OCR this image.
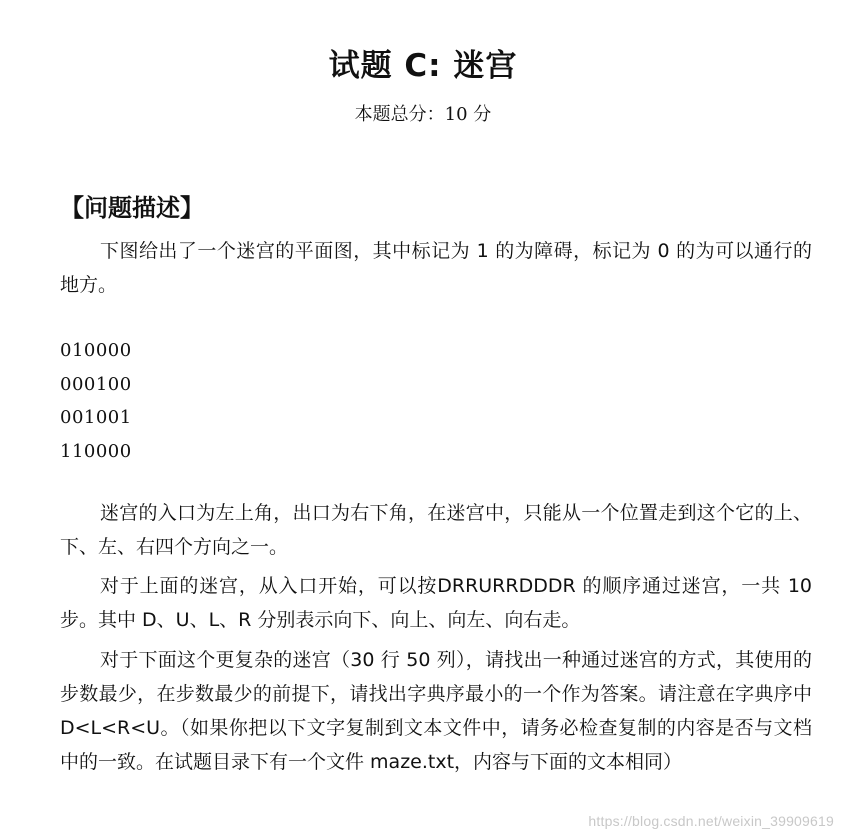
试题 C: 迷宫
本题总分：10 分
【问题描述】
下图给出了一个迷宫的平面图，其中标记为 1 的为障碍，标记为 0 的为可以通行的地方。
010000
000100
001001
110000
迷宫的入口为左上角，出口为右下角，在迷宫中，只能从一个位置走到这个它的上、下、左、右四个方向之一。
对于上面的迷宫，从入口开始，可以按DRRURRDDDR 的顺序通过迷宫，一共 10 步。其中 D、U、L、R 分别表示向下、向上、向左、向右走。
对于下面这个更复杂的迷宫（30 行 50 列），请找出一种通过迷宫的方式，其使用的步数最少，在步数最少的前提下，请找出字典序最小的一个作为答案。请注意在字典序中D<L<R<U。（如果你把以下文字复制到文本文件中，请务必检查复制的内容是否与文档中的一致。在试题目录下有一个文件 maze.txt，内容与下面的文本相同）
https://blog.csdn.net/weixin_39909619
